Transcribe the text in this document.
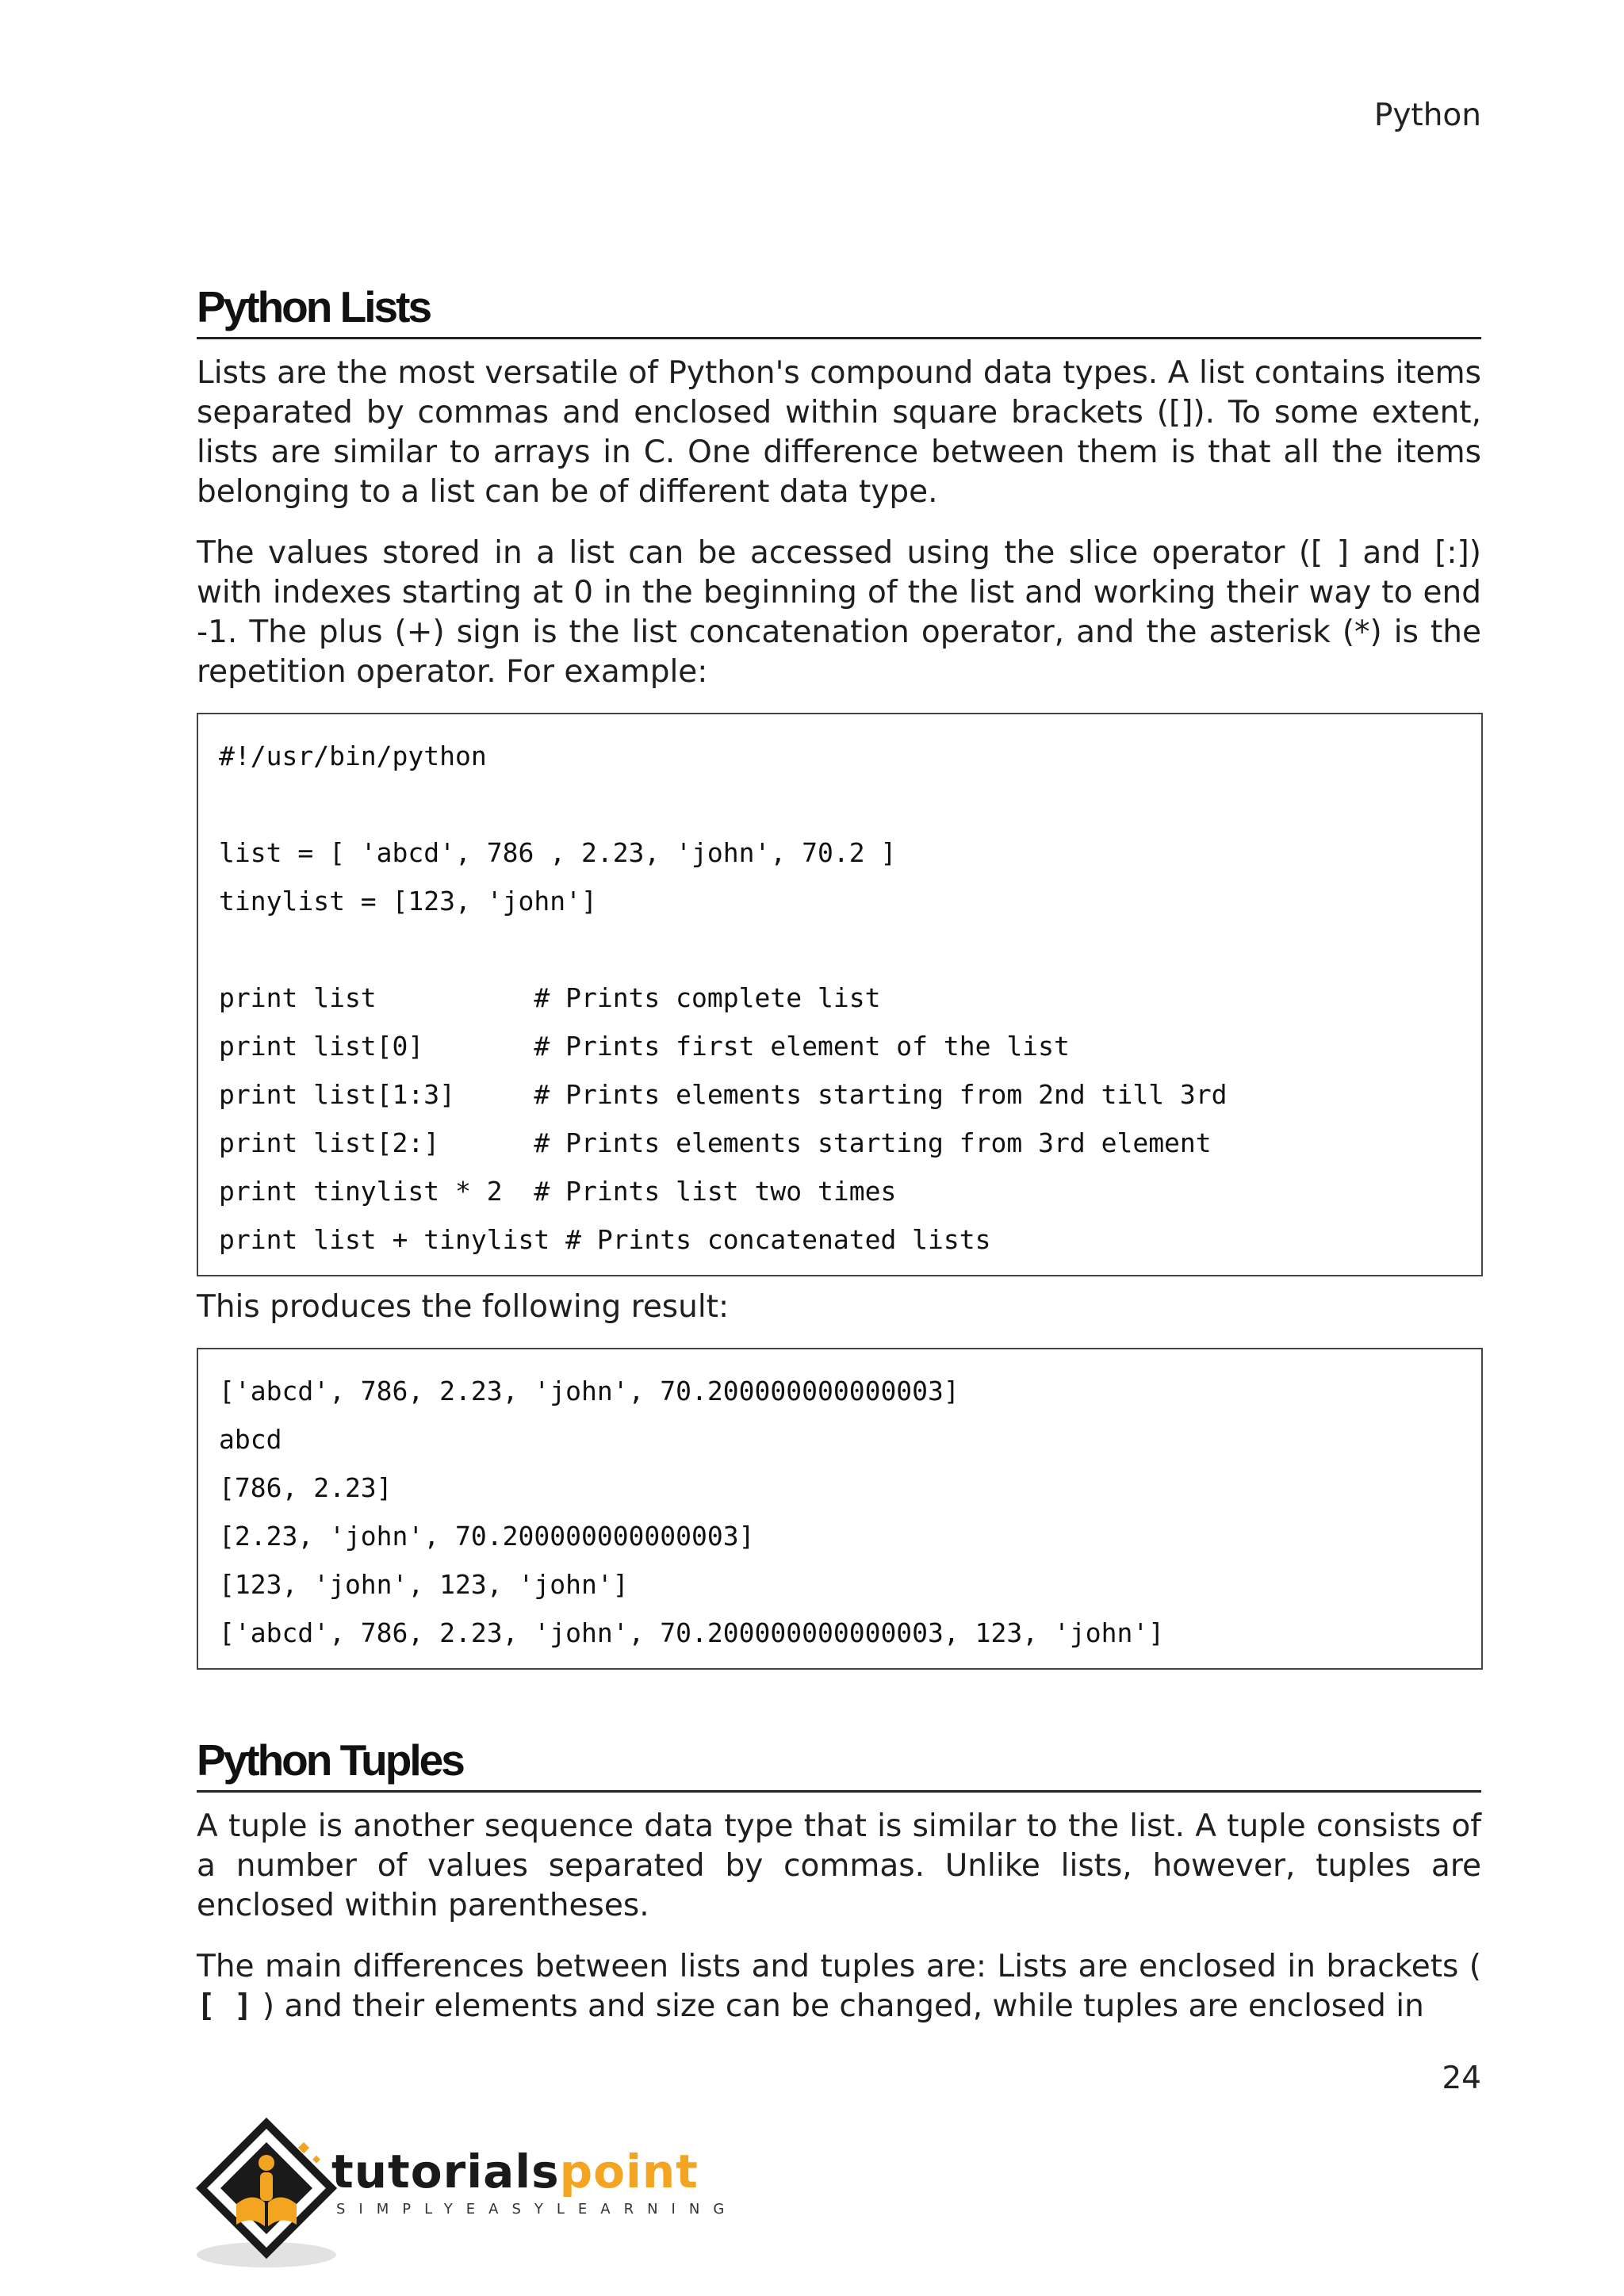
Python
Python Lists

Lists are the most versatile of Python's compound data types. A list contains items separated by commas and enclosed within square brackets ([]). To some extent, lists are similar to arrays in C. One difference between them is that all the items belonging to a list can be of different data type.

The values stored in a list can be accessed using the slice operator ([ ] and [:]) with indexes starting at 0 in the beginning of the list and working their way to end -1. The plus (+) sign is the list concatenation operator, and the asterisk (*) is the repetition operator. For example:

#!/usr/bin/python
list = [ 'abcd', 786 , 2.23, 'john', 70.2 ]
tinylist = [123, 'john']
print list          # Prints complete list
print list[0]       # Prints first element of the list
print list[1:3]     # Prints elements starting from 2nd till 3rd
print list[2:]      # Prints elements starting from 3rd element
print tinylist * 2  # Prints list two times
print list + tinylist # Prints concatenated lists

This produces the following result:

['abcd', 786, 2.23, 'john', 70.200000000000003]
abcd
[786, 2.23]
[2.23, 'john', 70.200000000000003]
[123, 'john', 123, 'john']
['abcd', 786, 2.23, 'john', 70.200000000000003, 123, 'john']
Python Tuples

A tuple is another sequence data type that is similar to the list. A tuple consists of a number of values separated by commas. Unlike lists, however, tuples are enclosed within parentheses.

The main differences between lists and tuples are: Lists are enclosed in brackets ( [ ] ) and their elements and size can be changed, while tuples are enclosed in

24
tutorialspoint
SIMPLYEASYLEARNING
